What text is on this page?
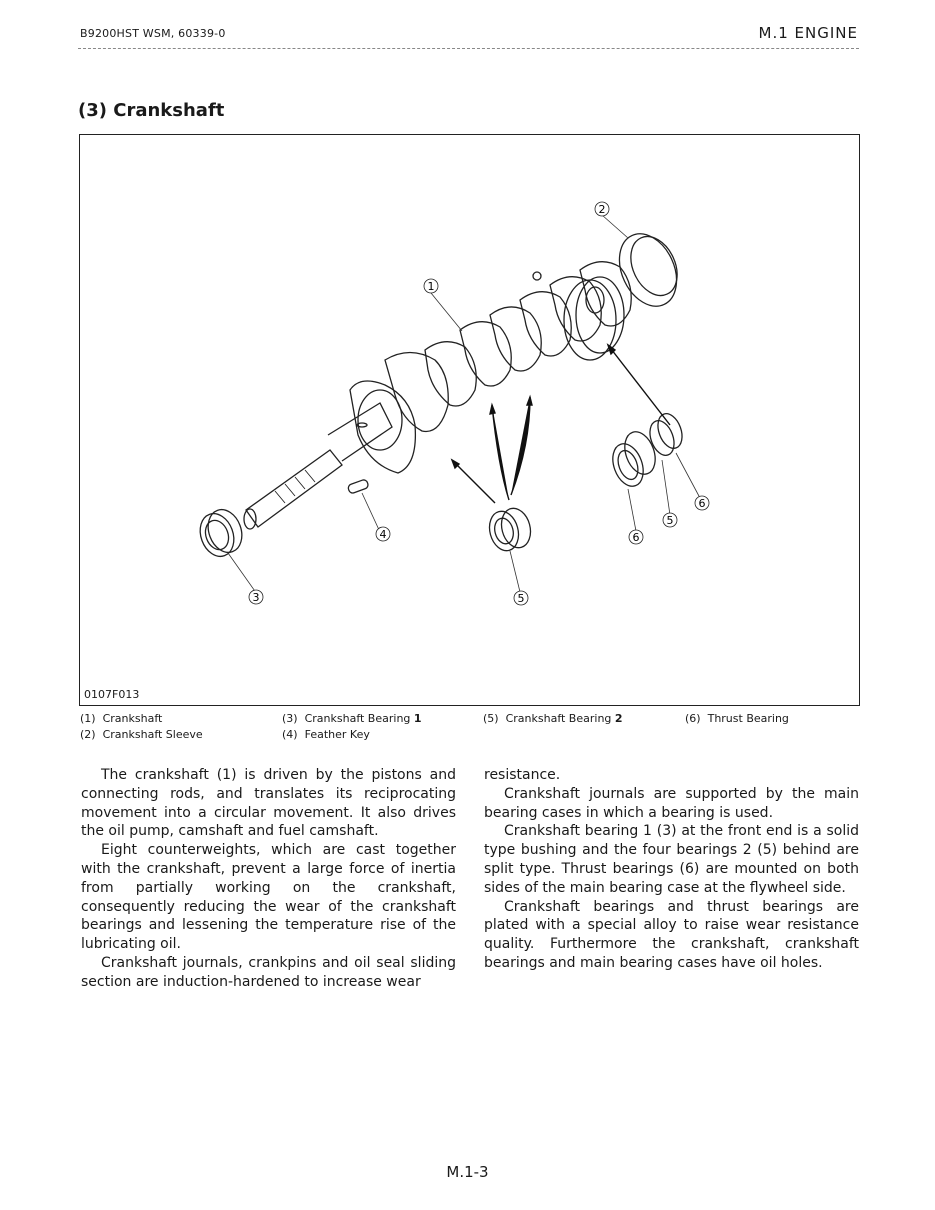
B9200HST WSM, 60339-0	M.1 ENGINE
(3) Crankshaft
1
2
3
4
5
5
6
6
0107F013
(1) Crankshaft
(2) Crankshaft Sleeve
(3) Crankshaft Bearing 1
(4) Feather Key
(5) Crankshaft Bearing 2	(6) Thrust Bearing

The crankshaft (1) is driven by the pistons and connecting rods, and translates its reciprocating movement into a circular movement. It also drives the oil pump, camshaft and fuel camshaft.

Eight counterweights, which are cast together with the crankshaft, prevent a large force of inertia from partially working on the crankshaft, consequently reducing the wear of the crankshaft bearings and lessening the temperature rise of the lubricating oil.

Crankshaft journals, crankpins and oil seal sliding section are induction-hardened to increase wear

resistance.

Crankshaft journals are supported by the main bearing cases in which a bearing is used.

Crankshaft bearing 1 (3) at the front end is a solid type bushing and the four bearings 2 (5) behind are split type. Thrust bearings (6) are mounted on both sides of the main bearing case at the flywheel side.

Crankshaft bearings and thrust bearings are plated with a special alloy to raise wear resistance quality. Furthermore the crankshaft, crankshaft bearings and main bearing cases have oil holes.

M.1-3
